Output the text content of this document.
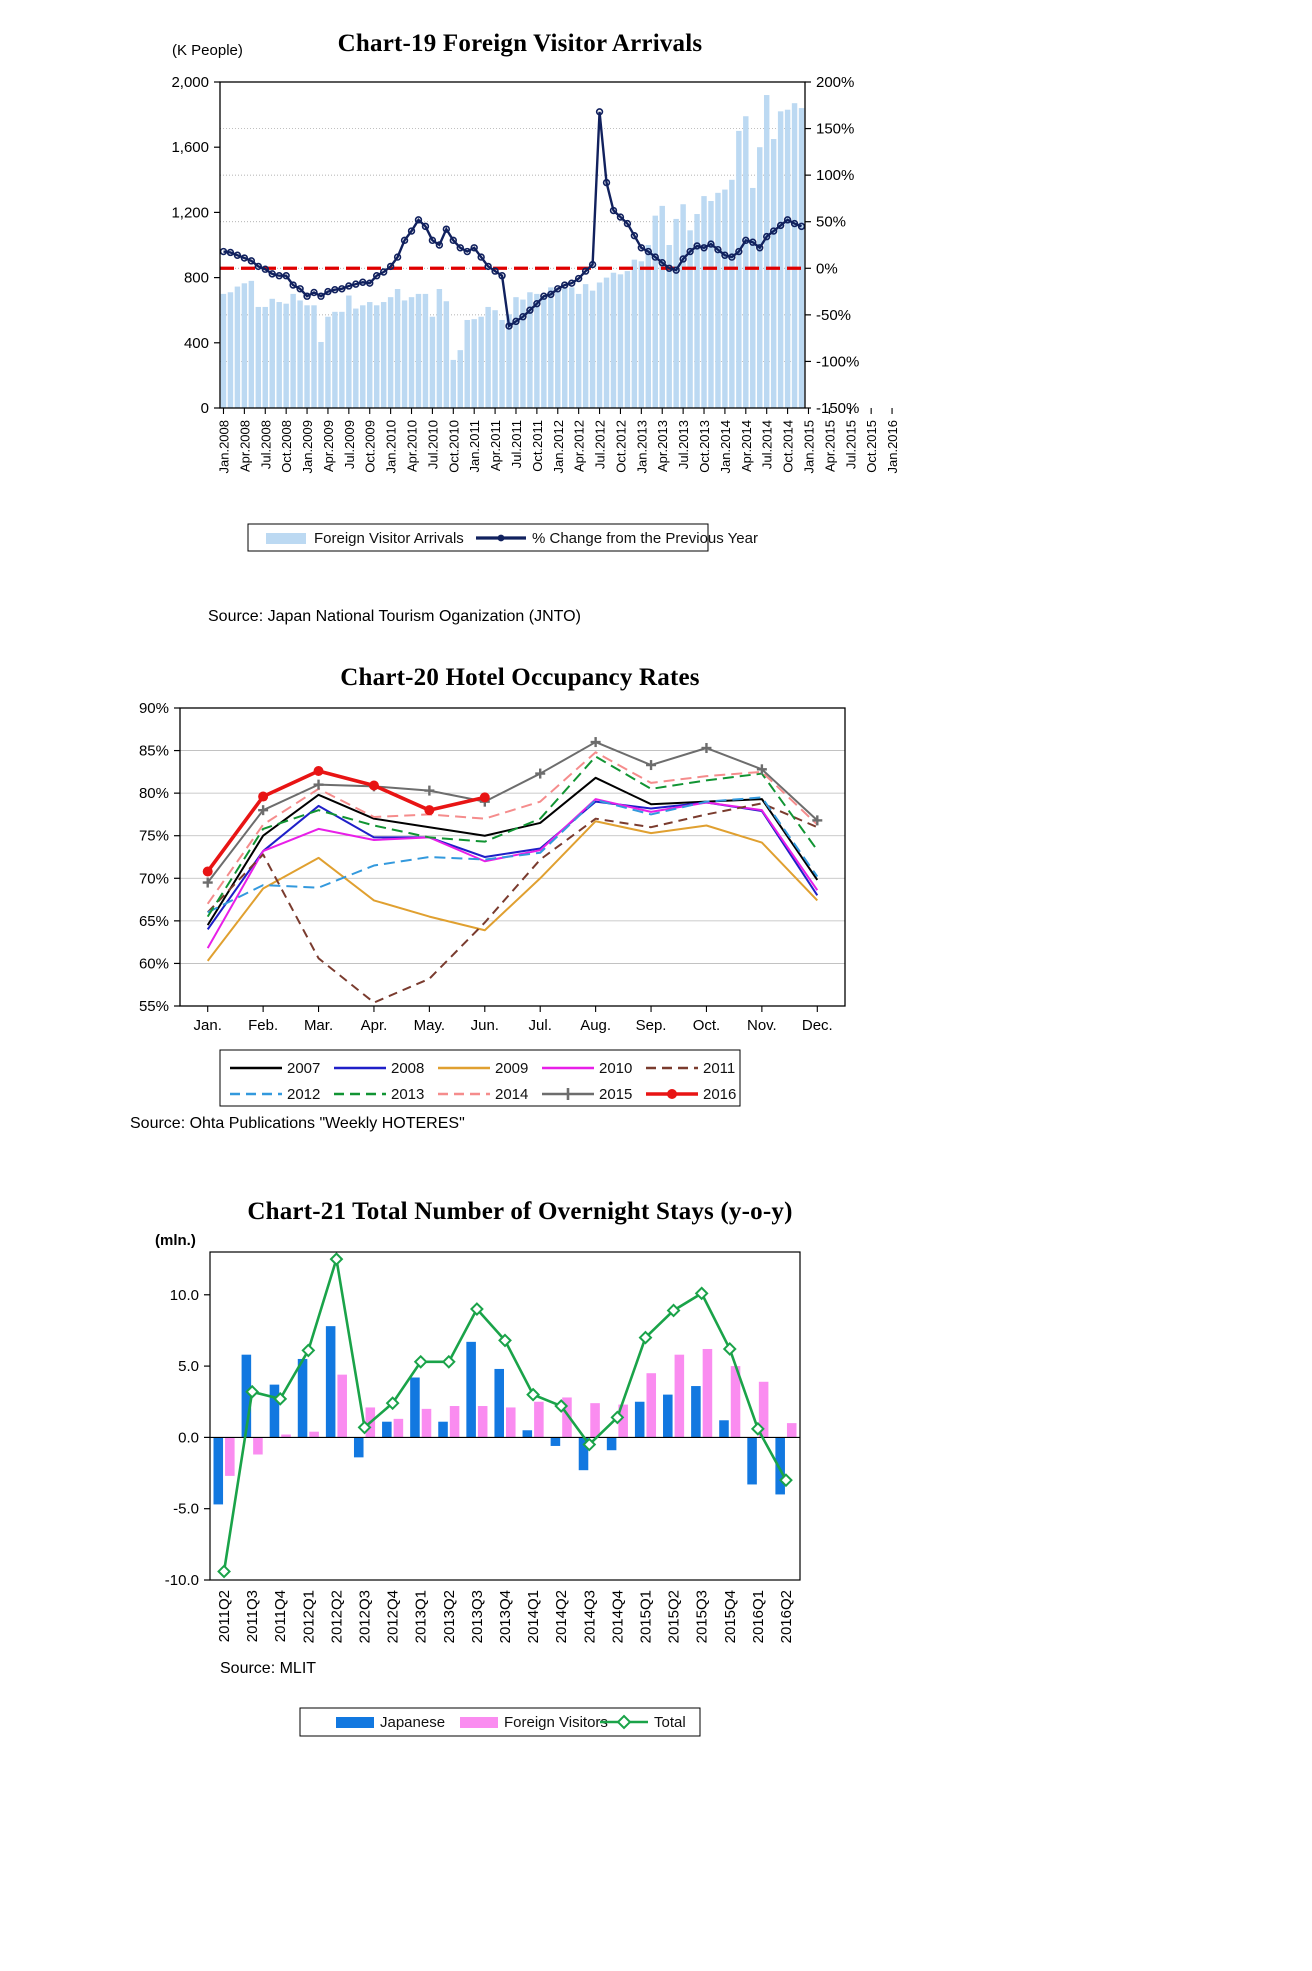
Chart-19 Foreign Visitor Arrivals
(K People)
0
400
800
1,200
1,600
2,000
-150%
-100%
-50%
0%
50%
100%
150%
200%
Jan.2008 Apr.2008 Jul.2008 Oct.2008 Jan.2009 Apr.2009 Jul.2009 Oct.2009 Jan.2010 Apr.2010 Jul.2010 Oct.2010 Jan.2011 Apr.2011 Jul.2011 Oct.2011 Jan.2012 Apr.2012 Jul.2012 Oct.2012 Jan.2013 Apr.2013 Jul.2013 Oct.2013 Jan.2014 Apr.2014 Jul.2014 Oct.2014 Jan.2015 Apr.2015 Jul.2015 Oct.2015 Jan.2016
Foreign Visitor Arrivals	% Change from the Previous Year
Source: Japan National Tourism Oganization (JNTO)
Chart-20 Hotel Occupancy Rates
55%
60%
65%
70%
75%
80%
85%
90%
Jan. Feb. Mar. Apr. May. Jun. Jul. Aug. Sep. Oct. Nov. Dec.
2007	2008	2009	2010	2011
2012	2013	2014	2015	2016
Source: Ohta Publications "Weekly HOTERES"
Chart-21 Total Number of Overnight Stays (y-o-y)
(mln.)
-10.0
-5.0
0.0
5.0
10.0
2011Q2 2011Q3 2011Q4 2012Q1 2012Q2 2012Q3 2012Q4 2013Q1 2013Q2 2013Q3 2013Q4 2014Q1 2014Q2 2014Q3 2014Q4 2015Q1 2015Q2 2015Q3 2015Q4 2016Q1 2016Q2
Japanese	Foreign Visitors	Total
Source: MLIT
